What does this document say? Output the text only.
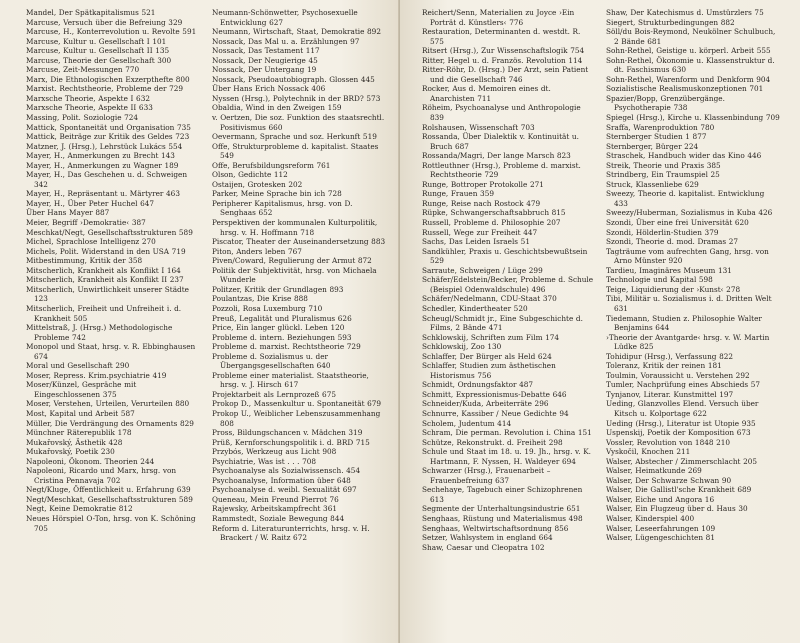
Mandel, Der Spätkapitalismus 521
Marcuse, Versuch über die Befreiung 329
Marcuse, H., Konterrevolution u. Revolte 591
Marcuse, Kultur u. Gesellschaft I 101
Marcuse, Kultur u. Gesellschaft II 135
Marcuse, Theorie der Gesellschaft 300
Marcuse, Zeit-Messungen 770
Marx, Die Ethnologischen Exzerpthefte 800
Marxist. Rechtstheorie, Probleme der 729
Marxsche Theorie, Aspekte I 632
Marxsche Theorie, Aspekte II 633
Massing, Polit. Soziologie 724
Mattick, Spontaneität und Organisation 735
Mattick, Beiträge zur Kritik des Geldes 723
Matzner, J. (Hrsg.), Lehrstück Lukács 554
Mayer, H., Anmerkungen zu Brecht 143
Mayer, H., Anmerkungen zu Wagner 189
Mayer, H., Das Geschehen u. d. Schweigen 342
Mayer, H., Repräsentant u. Märtyrer 463
Mayer, H., Über Peter Huchel 647
Über Hans Mayer 887
Meier, Begriff ›Demokratie‹ 387
Meschkat/Negt, Gesellschaftsstrukturen 589
Michel, Sprachlose Intelligenz 270
Michels, Polit. Widerstand in den USA 719
Mitbestimmung, Kritik der 358
Mitscherlich, Krankheit als Konflikt I 164
Mitscherlich, Krankheit als Konflikt II 237
Mitscherlich, Unwirtlichkeit unserer Städte 123
Mitscherlich, Freiheit und Unfreiheit i. d. Krankheit 505
Mittelstraß, J. (Hrsg.) Methodologische Probleme 742
Monopol und Staat, hrsg. v. R. Ebbinghausen 674
Moral und Gesellschaft 290
Moser, Repress. Krim.psychiatrie 419
Moser/Künzel, Gespräche mit Eingeschlossenen 375
Moser, Verstehen, Urteilen, Verurteilen 880
Most, Kapital und Arbeit 587
Müller, Die Verdrängung des Ornaments 829
Münchner Räterepublik 178
Mukařovský, Ästhetik 428
Mukařovský, Poetik 230
Napoleoni, Ökonom. Theorien 244
Napoleoni, Ricardo und Marx, hrsg. von Cristina Pennavaja 702
Negt/Kluge, Öffentlichkeit u. Erfahrung 639
Negt/Meschkat, Gesellschaftsstrukturen 589
Negt, Keine Demokratie 812
Neues Hörspiel O-Ton, hrsg. von K. Schöning 705
Neumann-Schönwetter, Psychosexuelle Entwicklung 627
Neumann, Wirtschaft, Staat, Demokratie 892
Nossack, Das Mal u. a. Erzählungen 97
Nossack, Das Testament 117
Nossack, Der Neugierige 45
Nossack, Der Untergang 19
Nossack, Pseudoautobiograph. Glossen 445
Über Hans Erich Nossack 406
Nyssen (Hrsg.), Polytechnik in der BRD? 573
Obaldia, Wind in den Zweigen 159
v. Oertzen, Die soz. Funktion des staatsrechtl. Positivismus 660
Oevermann, Sprache und soz. Herkunft 519
Offe, Strukturprobleme d. kapitalist. Staates 549
Offe, Berufsbildungsreform 761
Olson, Gedichte 112
Ostaijen, Grotesken 202
Parker, Meine Sprache bin ich 728
Peripherer Kapitalismus, hrsg. von D. Senghaas 652
Perspektiven der kommunalen Kulturpolitik, hrsg. v. H. Hoffmann 718
Piscator, Theater der Auseinandersetzung 883
Piton, Anders leben 767
Piven/Coward, Regulierung der Armut 872
Politik der Subjektivität, hrsg. von Michaela Wunderle
Politzer, Kritik der Grundlagen 893
Poulantzas, Die Krise 888
Pozzoli, Rosa Luxemburg 710
Preuß, Legalität und Pluralismus 626
Price, Ein langer glückl. Leben 120
Probleme d. intern. Beziehungen 593
Probleme d. marxist. Rechtstheorie 729
Probleme d. Sozialismus u. der Übergangsgesellschaften 640
Probleme einer materialist. Staatstheorie, hrsg. v. J. Hirsch 617
Projektarbeit als Lernprozeß 675
Prokop D., Massenkultur u. Spontaneität 679
Prokop U., Weiblicher Lebenszusammenhang 808
Pross, Bildungschancen v. Mädchen 319
Prüß, Kernforschungspolitik i. d. BRD 715
Przybós, Werkzeug aus Licht 908
Psychiatrie, Was ist . . . 708
Psychoanalyse als Sozialwissensch. 454
Psychoanalyse, Information über 648
Psychoanalyse d. weibl. Sexualität 697
Queneau, Mein Freund Pierrot 76
Rajewsky, Arbeitskampfrecht 361
Rammstedt, Soziale Bewegung 844
Reform d. Literaturunterrichts, hrsg. v. H. Brackert / W. Raitz 672
Reichert/Senn, Materialien zu Joyce ›Ein Porträt d. Künstlers‹ 776
Restauration, Determinanten d. westdt. R. 575
Ritsert (Hrsg.), Zur Wissenschaftslogik 754
Ritter, Hegel u. d. Französ. Revolution 114
Ritter-Röhr, D. (Hrsg.) Der Arzt, sein Patient und die Gesellschaft 746
Rocker, Aus d. Memoiren eines dt. Anarchisten 711
Röheim, Psychoanalyse und Anthropologie 839
Rolshausen, Wissenschaft 703
Rossanda, Über Dialektik v. Kontinuität u. Bruch 687
Rossanda/Magri, Der lange Marsch 823
Rottleuthner (Hrsg.), Probleme d. marxist. Rechtstheorie 729
Runge, Bottroper Protokolle 271
Runge, Frauen 359
Runge, Reise nach Rostock 479
Rüpke, Schwangerschaftsabbruch 815
Russell, Probleme d. Philosophie 207
Russell, Wege zur Freiheit 447
Sachs, Das Leiden Israels 51
Sandkühler, Praxis u. Geschichtsbewußtsein 529
Sarraute, Schweigen / Lüge 299
Schäfer/Edelstein/Becker, Probleme d. Schule (Beispiel Odenwaldschule) 496
Schäfer/Nedelmann, CDU-Staat 370
Schedler, Kindertheater 520
Scheugl/Schmidt jr., Eine Subgeschichte d. Films, 2 Bände 471
Schklowskij, Schriften zum Film 174
Schklowskij, Zoo 130
Schlaffer, Der Bürger als Held 624
Schlaffer, Studien zum ästhetischen Historismus 756
Schmidt, Ordnungsfaktor 487
Schmitt, Expressionismus-Debatte 646
Schneider/Kuda, Arbeiterräte 296
Schnurre, Kassiber / Neue Gedichte 94
Scholem, Judentum 414
Schram, Die perman. Revolution i. China 151
Schütze, Rekonstrukt. d. Freiheit 298
Schule und Staat im 18. u. 19. Jh., hrsg. v. K. Hartmann, F. Nyssen, H. Waldeyer 694
Schwarzer (Hrsg.), Frauenarbeit – Frauenbefreiung 637
Sechehaye, Tagebuch einer Schizophrenen 613
Segmente der Unterhaltungsindustrie 651
Senghaas, Rüstung und Materialismus 498
Senghaas, Weltwirtschaftsordnung 856
Setzer, Wahlsystem in england 664
Shaw, Caesar und Cleopatra 102
Shaw, Der Katechismus d. Umstürzlers 75
Siegert, Strukturbedingungen 882
Söll/du Bois-Reymond, Neukölner Schulbuch, 2 Bände 681
Sohn-Rethel, Geistige u. körperl. Arbeit 555
Sohn-Rethel, Ökonomie u. Klassenstruktur d. dt. Faschismus 630
Sohn-Rethel, Warenform und Denkform 904
Sozialistische Realismuskonzeptionen 701
Spazier/Bopp, Grenzübergänge. Psychotherapie 738
Spiegel (Hrsg.), Kirche u. Klassenbindung 709
Sraffa, Warenproduktion 780
Sternberger Studien 1 877
Sternberger, Bürger 224
Straschek, Handbuch wider das Kino 446
Streik, Theorie und Praxis 385
Strindberg, Ein Traumspiel 25
Struck, Klassenliebe 629
Sweezy, Theorie d. kapitalist. Entwicklung 433
Sweezy/Huberman, Sozialismus in Kuba 426
Szondi, Über eine frei Universität 620
Szondi, Hölderlin-Studien 379
Szondi, Theorie d. mod. Dramas 27
Tagträume vom aufrechten Gang, hrsg. von Arno Münster 920
Tardieu, Imaginäres Museum 131
Technologie und Kapital 598
Teige, Liquidierung der ›Kunst‹ 278
Tibi, Militär u. Sozialismus i. d. Dritten Welt 631
Tiedemann, Studien z. Philosophie Walter Benjamins 644
›Theorie der Avantgarde‹ hrsg. v. W. Martin Lüdke 825
Tohidipur (Hrsg.), Verfassung 822
Toleranz, Kritik der reinen 181
Toulmin, Voraussicht u. Verstehen 292
Tumler, Nachprüfung eines Abschieds 57
Tynjanov, Literar. Kunstmittel 197
Ueding, Glanzvolles Elend. Versuch über Kitsch u. Kolportage 622
Ueding (Hrsg.), Literatur ist Utopie 935
Uspenskij, Poetik der Komposition 673
Vossler, Revolution von 1848 210
Vyskočil, Knochen 211
Walser, Abstecher / Zimmerschlacht 205
Walser, Heimatkunde 269
Walser, Der Schwarze Schwan 90
Walser, Die Gallistl'sche Krankheit 689
Walser, Eiche und Angora 16
Walser, Ein Flugzeug über d. Haus 30
Walser, Kinderspiel 400
Walser, Leseerfahrungen 109
Walser, Lügengeschichten 81
